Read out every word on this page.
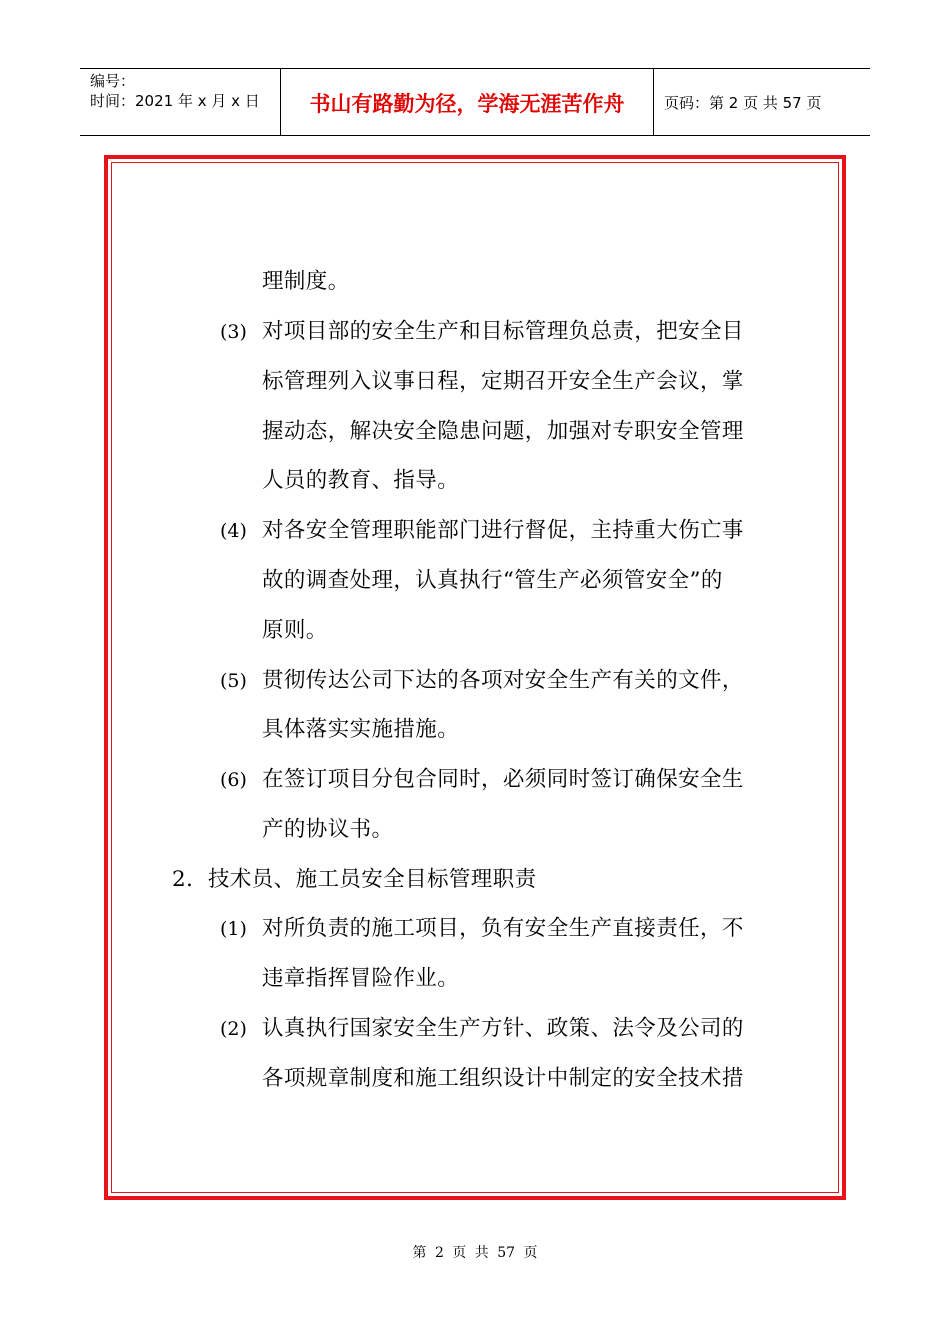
编号：
时间：2021 年 x 月 x 日	书山有路勤为径，学海无涯苦作舟	页码：第 2 页 共 57 页
理制度。
(3) 对项目部的安全生产和目标管理负总责，把安全目
标管理列入议事日程，定期召开安全生产会议，掌
握动态，解决安全隐患问题，加强对专职安全管理
人员的教育、指导。
(4) 对各安全管理职能部门进行督促，主持重大伤亡事
故的调查处理，认真执行“管生产必须管安全”的
原则。
(5) 贯彻传达公司下达的各项对安全生产有关的文件，
具体落实实施措施。
(6) 在签订项目分包合同时，必须同时签订确保安全生
产的协议书。
2．技术员、施工员安全目标管理职责
(1) 对所负责的施工项目，负有安全生产直接责任，不
违章指挥冒险作业。
(2) 认真执行国家安全生产方针、政策、法令及公司的
各项规章制度和施工组织设计中制定的安全技术措
第 2 页 共 57 页
